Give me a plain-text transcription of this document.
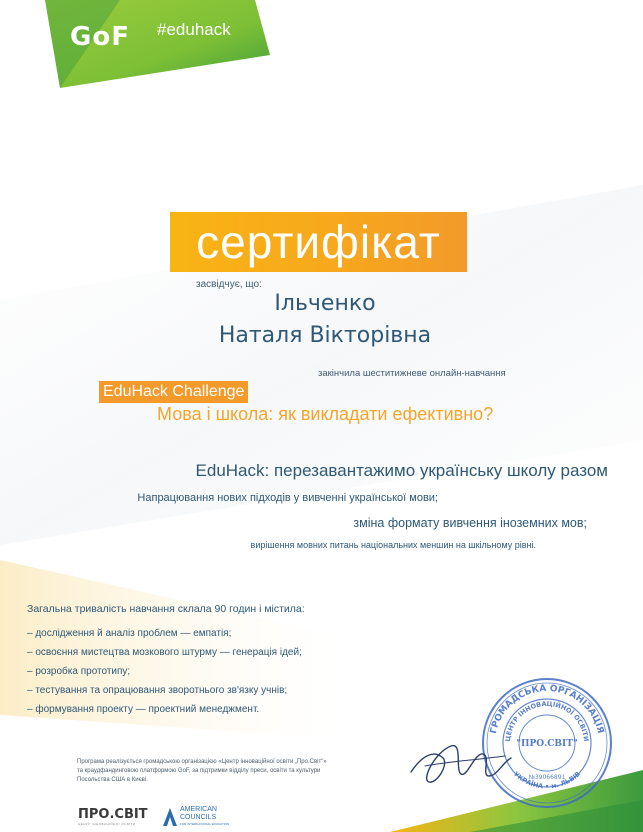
GoF #eduhack
сертифікат
засвідчує, що:
Ільченко
Наталя Вікторівна
закінчила шеститижневе онлайн-навчання
EduHack Challenge
Мова і школа: як викладати ефективно?
EduHack: перезавантажимо українську школу разом
Напрацювання нових підходів у вивченні української мови;
зміна формату вивчення іноземних мов;
вирішення мовних питань національних меншин на шкільному рівні.
Загальна тривалість навчання склала 90 годин і містила:
– дослідження й аналіз проблем — емпатія;
– освоєння мистецтва мозкового штурму — генерація ідей;
– розробка прототипу;
– тестування та опрацювання зворотнього зв'язку учнів;
– формування проекту — проектний менеджмент.
Програма реалізується громадською організацією «Центр інноваційної освіти „Про.Світ"»
та краудфандинговою платформою GoF, за підтримки відділу преси, освіти та культури
Посольства США в Києві.
ПРО.СВІТ
ЦЕНТР ІННОВАЦІЙНОЇ ОСВІТИ
AMERICAN
COUNCILS
FOR INTERNATIONAL EDUCATION
ГРОМАДСЬКА ОРГАНІЗАЦІЯ
ЦЕНТР ІННОВАЦІЙНОЇ ОСВІТИ
УКРАЇНА • м. ЛЬВІВ
"ПРО.СВІТ"
№39066891
